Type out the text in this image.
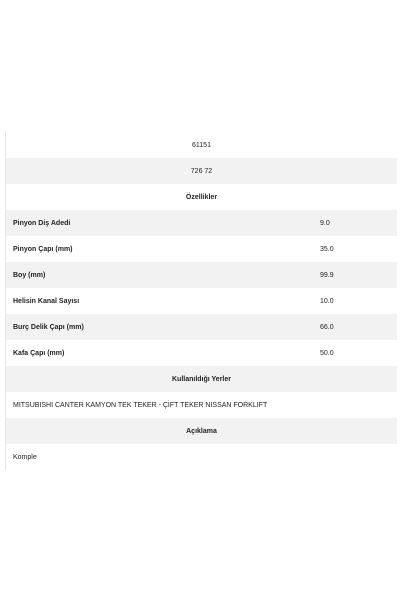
61151
726 72
Özellikler
Pinyon Diş Adedi	9.0
Pinyon Çapı (mm)	35.0
Boy (mm)	99.9
Helisin Kanal Sayısı	10.0
Burç Delik Çapı (mm)	66.0
Kafa Çapı (mm)	50.0
Kullanıldığı Yerler
MITSUBISHI CANTER KAMYON TEK TEKER - ÇİFT TEKER NISSAN FORKLIFT
Açıklama
Komple
